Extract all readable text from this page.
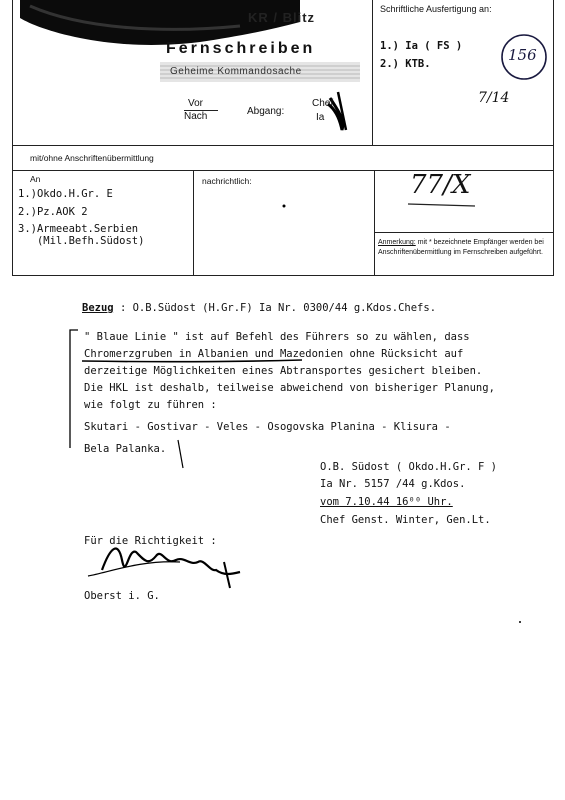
KR / Blitz
Fernschreiben
Geheime Kommandosache
Vor
Nach	Abgang:
Chef
Ia
Schriftliche Ausfertigung an:
1.) Ia ( FS )
2.) KTB.	156
7/14
mit/ohne Anschriftenübermittlung
An	nachrichtlich:
1.)Okdo.H.Gr. E
2.)Pz.AOK 2
3.)Armeeabt.Serbien
(Mil.Befh.Südost)
77/X
Anmerkung: mit * bezeichnete Empfänger werden bei Anschriftenübermittlung im Fernschreiben aufgeführt.
Bezug : O.B.Südost (H.Gr.F) Ia Nr. 0300/44 g.Kdos.Chefs.
" Blaue Linie " ist auf Befehl des Führers so zu wählen, dass
Chromerzgruben in Albanien und Mazedonien ohne Rücksicht auf
derzeitige Möglichkeiten eines Abtransportes gesichert bleiben.
Die HKL ist deshalb, teilweise abweichend von bisheriger Planung,
wie folgt zu führen :
Skutari - Gostivar - Veles - Osogovska Planina - Klisura -
Bela Palanka.
O.B. Südost ( Okdo.H.Gr. F )
Ia Nr. 5157 /44 g.Kdos.
vom 7.10.44 16⁰⁰ Uhr.
Chef Genst. Winter, Gen.Lt.
Für die Richtigkeit :
Oberst i. G.
